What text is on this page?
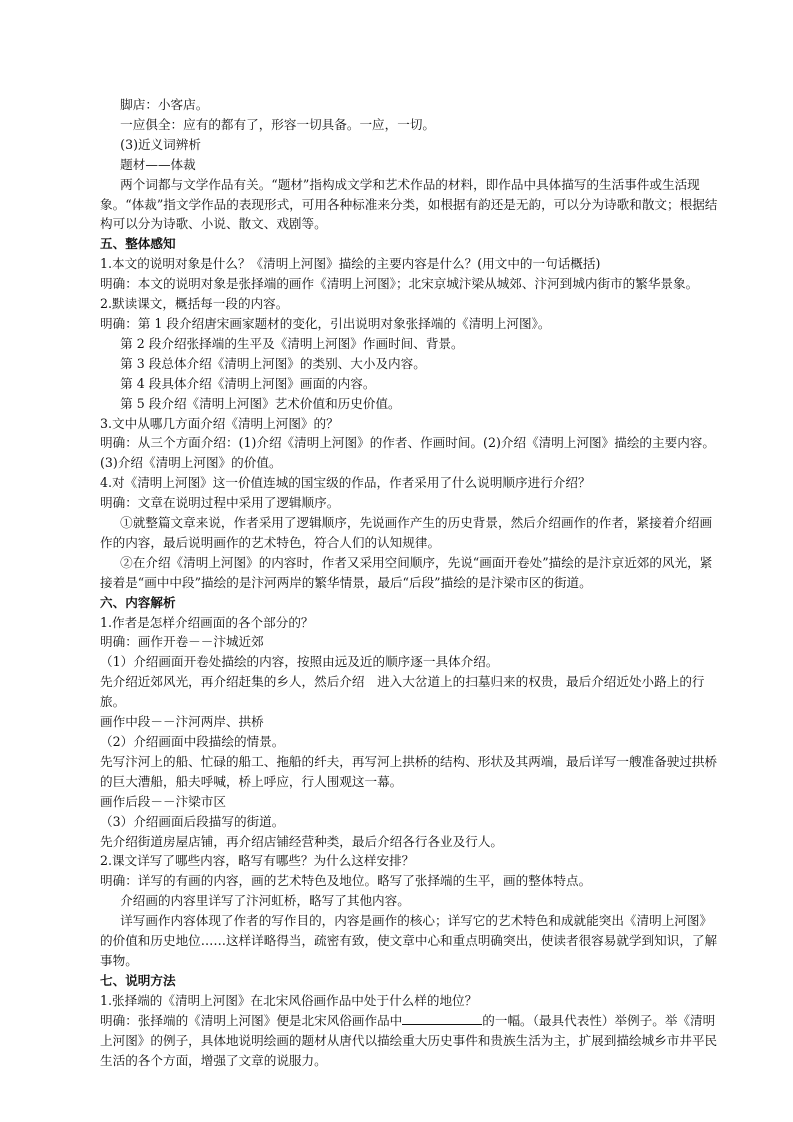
脚店：小客店。

一应俱全：应有的都有了，形容一切具备。一应，一切。

(3)近义词辨析

题材——体裁

两个词都与文学作品有关。“题材”指构成文学和艺术作品的材料，即作品中具体描写的生活事件或生活现象。“体裁”指文学作品的表现形式，可用各种标准来分类，如根据有韵还是无韵，可以分为诗歌和散文；根据结构可以分为诗歌、小说、散文、戏剧等。

五、整体感知

1.本文的说明对象是什么？《清明上河图》描绘的主要内容是什么？(用文中的一句话概括)

明确：本文的说明对象是张择端的画作《清明上河图》；北宋京城汴梁从城郊、汴河到城内街市的繁华景象。

2.默读课文，概括每一段的内容。

明确：第 1 段介绍唐宋画家题材的变化，引出说明对象张择端的《清明上河图》。

第 2 段介绍张择端的生平及《清明上河图》作画时间、背景。

第 3 段总体介绍《清明上河图》的类别、大小及内容。

第 4 段具体介绍《清明上河图》画面的内容。

第 5 段介绍《清明上河图》艺术价值和历史价值。

3.文中从哪几方面介绍《清明上河图》的？

明确：从三个方面介绍：(1)介绍《清明上河图》的作者、作画时间。(2)介绍《清明上河图》描绘的主要内容。(3)介绍《清明上河图》的价值。

4.对《清明上河图》这一价值连城的国宝级的作品，作者采用了什么说明顺序进行介绍？

明确：文章在说明过程中采用了逻辑顺序。

①就整篇文章来说，作者采用了逻辑顺序，先说画作产生的历史背景，然后介绍画作的作者，紧接着介绍画作的内容，最后说明画作的艺术特色，符合人们的认知规律。

②在介绍《清明上河图》的内容时，作者又采用空间顺序，先说“画面开卷处”描绘的是汴京近郊的风光，紧接着是“画中中段”描绘的是汴河两岸的繁华情景，最后“后段”描绘的是汴梁市区的街道。

六、内容解析

1.作者是怎样介绍画面的各个部分的？

明确：画作开卷－－汴城近郊

（1）介绍画面开卷处描绘的内容，按照由远及近的顺序逐一具体介绍。

先介绍近郊风光，再介绍赶集的乡人，然后介绍　进入大岔道上的扫墓归来的权贵，最后介绍近处小路上的行旅。

画作中段－－汴河两岸、拱桥

（2）介绍画面中段描绘的情景。

先写汴河上的船、忙碌的船工、拖船的纤夫，再写河上拱桥的结构、形状及其两端，最后详写一艘准备驶过拱桥的巨大漕船，船夫呼喊，桥上呼应，行人围观这一幕。

画作后段－－汴梁市区

（3）介绍画面后段描写的街道。

先介绍街道房屋店铺，再介绍店铺经营种类，最后介绍各行各业及行人。

2.课文详写了哪些内容，略写有哪些？为什么这样安排？

明确：详写的有画的内容，画的艺术特色及地位。略写了张择端的生平，画的整体特点。

介绍画的内容里详写了汴河虹桥，略写了其他内容。

详写画作内容体现了作者的写作目的，内容是画作的核心；详写它的艺术特色和成就能突出《清明上河图》的价值和历史地位……这样详略得当，疏密有致，使文章中心和重点明确突出，使读者很容易就学到知识，了解事物。

七、说明方法

1.张择端的《清明上河图》在北宋风俗画作品中处于什么样的地位？

明确：张择端的《清明上河图》便是北宋风俗画作品中	的一幅。（最具代表性）举例子。举《清明上河图》的例子，具体地说明绘画的题材从唐代以描绘重大历史事件和贵族生活为主，扩展到描绘城乡市井平民生活的各个方面，增强了文章的说服力。
